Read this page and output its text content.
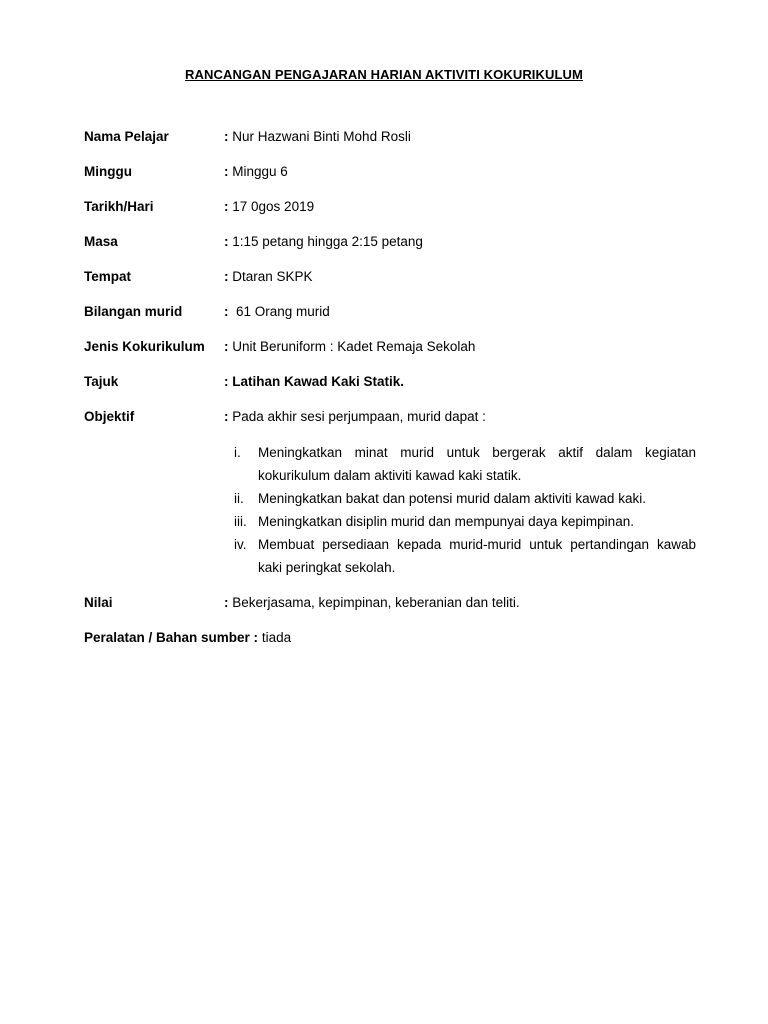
RANCANGAN PENGAJARAN HARIAN AKTIVITI KOKURIKULUM
Nama Pelajar	: Nur Hazwani Binti Mohd Rosli
Minggu	: Minggu 6
Tarikh/Hari	: 17 0gos 2019
Masa	: 1:15 petang hingga 2:15 petang
Tempat	: Dtaran SKPK
Bilangan murid	:  61 Orang murid
Jenis Kokurikulum : Unit Beruniform : Kadet Remaja Sekolah
Tajuk	: Latihan Kawad Kaki Statik.
Objektif	: Pada akhir sesi perjumpaan, murid dapat :
i.	Meningkatkan minat murid untuk bergerak aktif dalam kegiatan kokurikulum dalam aktiviti kawad kaki statik.
ii.	Meningkatkan bakat dan potensi murid dalam aktiviti kawad kaki.
iii. Meningkatkan disiplin murid dan mempunyai daya kepimpinan.
iv. Membuat persediaan kepada murid-murid untuk pertandingan kawab kaki peringkat sekolah.
Nilai	: Bekerjasama, kepimpinan, keberanian dan teliti.
Peralatan / Bahan sumber : tiada
